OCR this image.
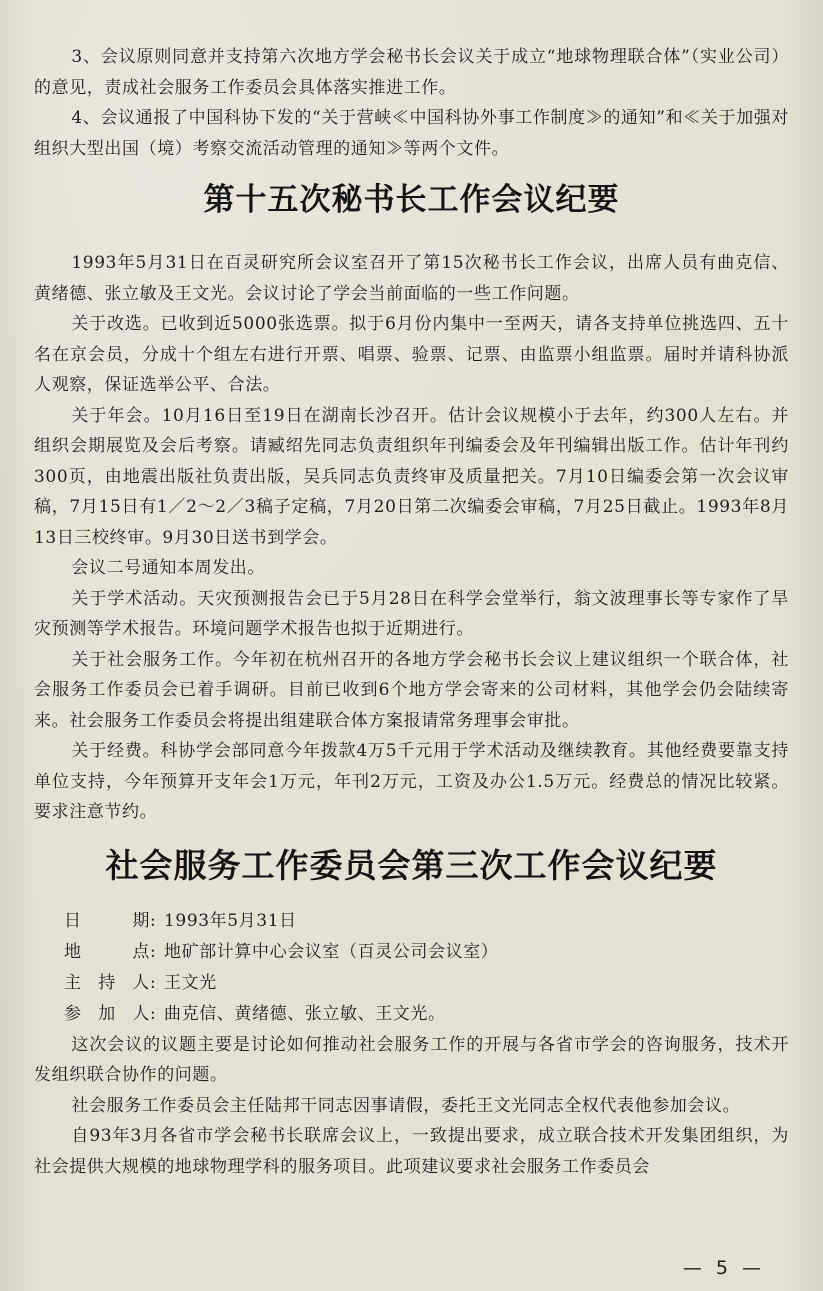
3、会议原则同意并支持第六次地方学会秘书长会议关于成立“地球物理联合体”（实业公司）的意见，责成社会服务工作委员会具体落实推进工作。

4、会议通报了中国科协下发的“关于营峡≪中国科协外事工作制度≫的通知”和≪关于加强对组织大型出国（境）考察交流活动管理的通知≫等两个文件。

第十五次秘书长工作会议纪要

1993年5月31日在百灵研究所会议室召开了第15次秘书长工作会议，出席人员有曲克信、黄绪德、张立敏及王文光。会议讨论了学会当前面临的一些工作问题。

关于改选。已收到近5000张选票。拟于6月份内集中一至两天，请各支持单位挑选四、五十名在京会员，分成十个组左右进行开票、唱票、验票、记票、由监票小组监票。届时并请科协派人观察，保证选举公平、合法。

关于年会。10月16日至19日在湖南长沙召开。估计会议规模小于去年，约300人左右。并组织会期展览及会后考察。请臧绍先同志负责组织年刊编委会及年刊编辑出版工作。估计年刊约300页，由地震出版社负责出版，吴兵同志负责终审及质量把关。7月10日编委会第一次会议审稿，7月15日有1／2～2／3稿子定稿，7月20日第二次编委会审稿，7月25日截止。1993年8月13日三校终审。9月30日送书到学会。

会议二号通知本周发出。

关于学术活动。天灾预测报告会已于5月28日在科学会堂举行，翁文波理事长等专家作了旱灾预测等学术报告。环境问题学术报告也拟于近期进行。

关于社会服务工作。今年初在杭州召开的各地方学会秘书长会议上建议组织一个联合体，社会服务工作委员会已着手调研。目前已收到6个地方学会寄来的公司材料，其他学会仍会陆续寄来。社会服务工作委员会将提出组建联合体方案报请常务理事会审批。

关于经费。科协学会部同意今年拨款4万5千元用于学术活动及继续教育。其他经费要靠支持单位支持，今年预算开支年会1万元，年刊2万元，工资及办公1.5万元。经费总的情况比较紧。要求注意节约。

社会服务工作委员会第三次工作会议纪要
日	期 : 1993年5月31日
地	点 : 地矿部计算中心会议室（百灵公司会议室）
主 持 人 : 王文光
参 加 人 : 曲克信、黄绪德、张立敏、王文光。

这次会议的议题主要是讨论如何推动社会服务工作的开展与各省市学会的咨询服务，技术开发组织联合协作的问题。

社会服务工作委员会主任陆邦干同志因事请假，委托王文光同志全权代表他参加会议。

自93年3月各省市学会秘书长联席会议上，一致提出要求，成立联合技术开发集团组织，为社会提供大规模的地球物理学科的服务项目。此项建议要求社会服务工作委员会

— 5 —
